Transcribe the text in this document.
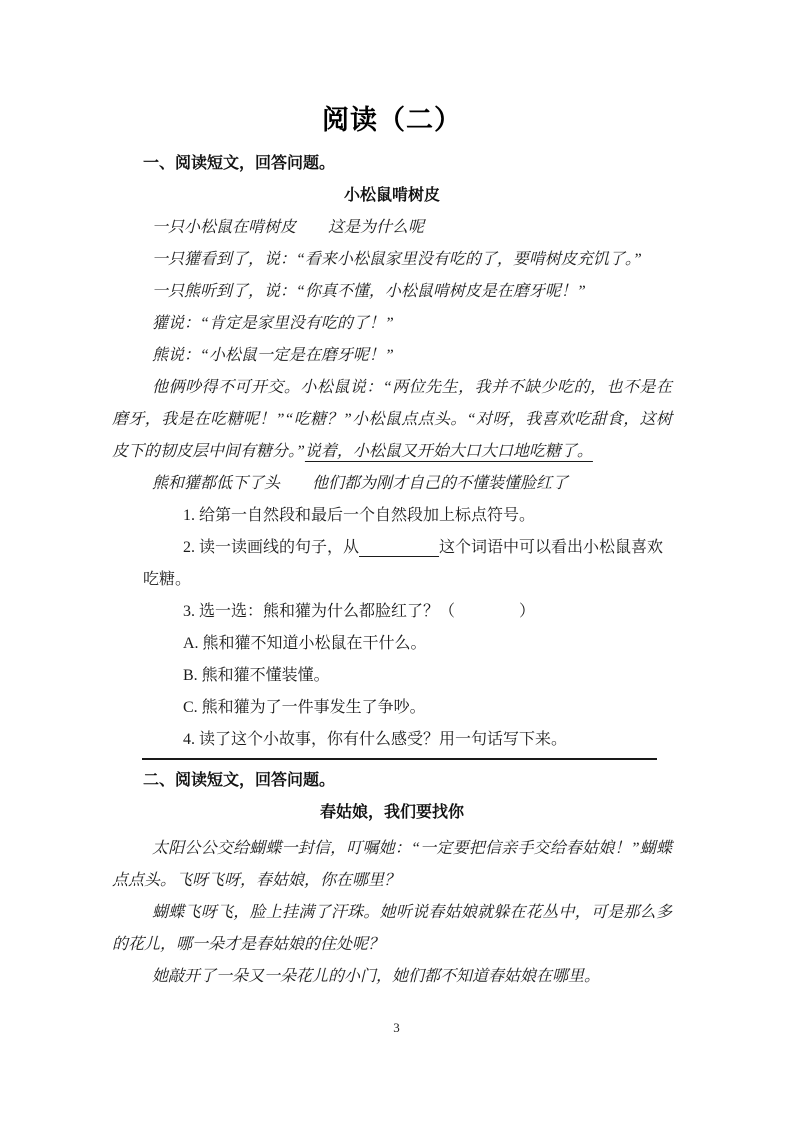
阅读（二）
一、阅读短文，回答问题。
小松鼠啃树皮

一只小松鼠在啃树皮　　这是为什么呢

一只獾看到了，说：“看来小松鼠家里没有吃的了，要啃树皮充饥了。”

一只熊听到了，说：“你真不懂，小松鼠啃树皮是在磨牙呢！”

獾说：“肯定是家里没有吃的了！”

熊说：“小松鼠一定是在磨牙呢！”

他俩吵得不可开交。小松鼠说：“两位先生，我并不缺少吃的，也不是在磨牙，我是在吃糖呢！”“吃糖？”小松鼠点点头。“对呀，我喜欢吃甜食，这树皮下的韧皮层中间有糖分。”说着，小松鼠又开始大口大口地吃糖了。

熊和獾都低下了头　　他们都为刚才自己的不懂装懂脸红了

1. 给第一自然段和最后一个自然段加上标点符号。

2. 读一读画线的句子，从　　　　　	这个词语中可以看出小松鼠喜欢吃糖。

3. 选一选：熊和獾为什么都脸红了？（　　　　）

A. 熊和獾不知道小松鼠在干什么。

B. 熊和獾不懂装懂。

C. 熊和獾为了一件事发生了争吵。

4. 读了这个小故事，你有什么感受？用一句话写下来。

二、阅读短文，回答问题。
春姑娘，我们要找你

太阳公公交给蝴蝶一封信，叮嘱她：“一定要把信亲手交给春姑娘！”蝴蝶点点头。飞呀飞呀，春姑娘，你在哪里？

蝴蝶飞呀飞，脸上挂满了汗珠。她听说春姑娘就躲在花丛中，可是那么多的花儿，哪一朵才是春姑娘的住处呢？

她敲开了一朵又一朵花儿的小门，她们都不知道春姑娘在哪里。

3
